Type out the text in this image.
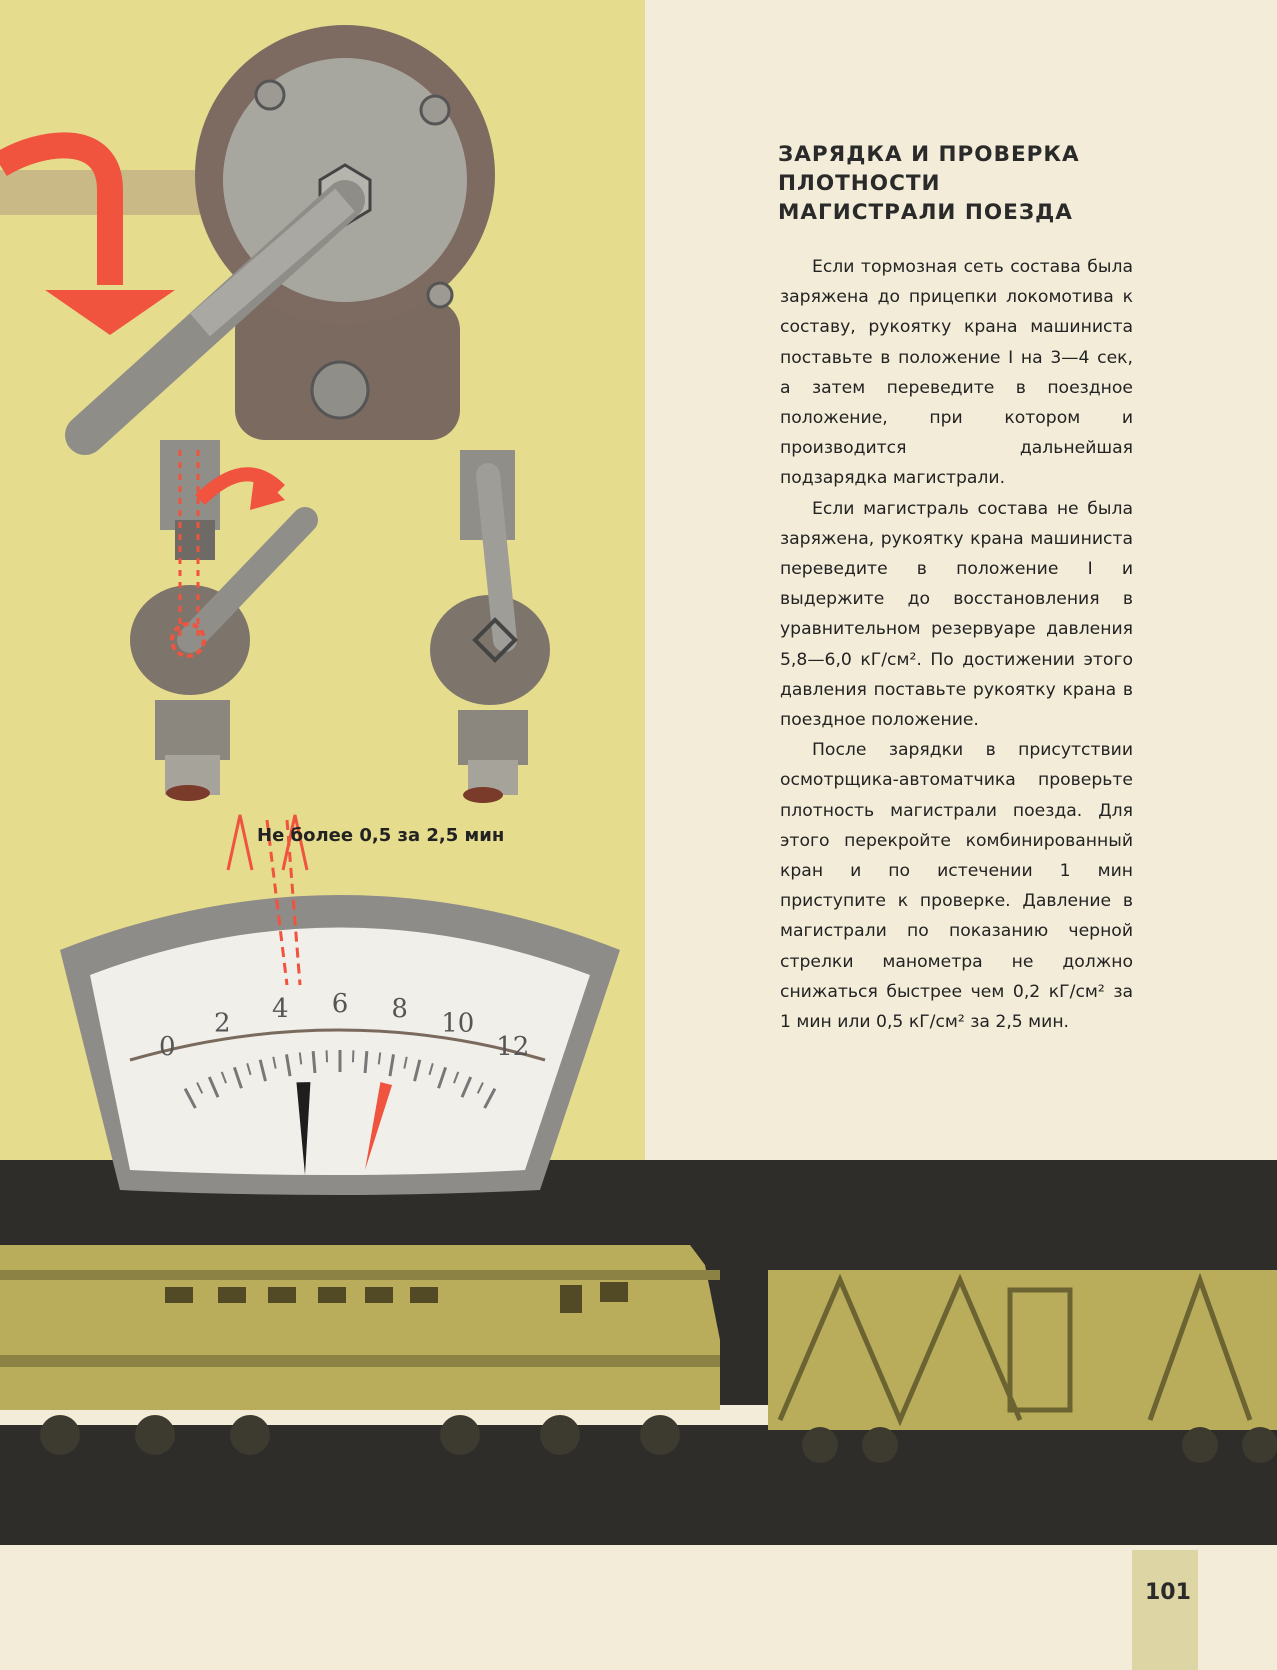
0
2 4 6 8 10
12
ЗАРЯДКА И ПРОВЕРКА
ПЛОТНОСТИ
МАГИСТРАЛИ ПОЕЗДА

Если тормозная сеть состава была заряжена до прицепки локомотива к составу, рукоятку крана машиниста поставьте в положение I на 3—4 сек, а затем переведите в поездное положение, при котором и производится дальнейшая подзарядка магистрали.

Если магистраль состава не была заряжена, рукоятку крана машиниста переведите в положение I и выдержите до восстановления в уравнительном резервуаре давления 5,8—6,0 кГ/см². По достижении этого давления поставьте рукоятку крана в поездное положение.

После зарядки в присутствии осмотрщика-автоматчика проверьте плотность магистрали поезда. Для этого перекройте комбинированный кран и по истечении 1 мин приступите к проверке. Давление в магистрали по показанию черной стрелки манометра не должно снижаться быстрее чем 0,2 кГ/см² за 1 мин или 0,5 кГ/см² за 2,5 мин.

Не более 0,5 за 2,5 мин
101
